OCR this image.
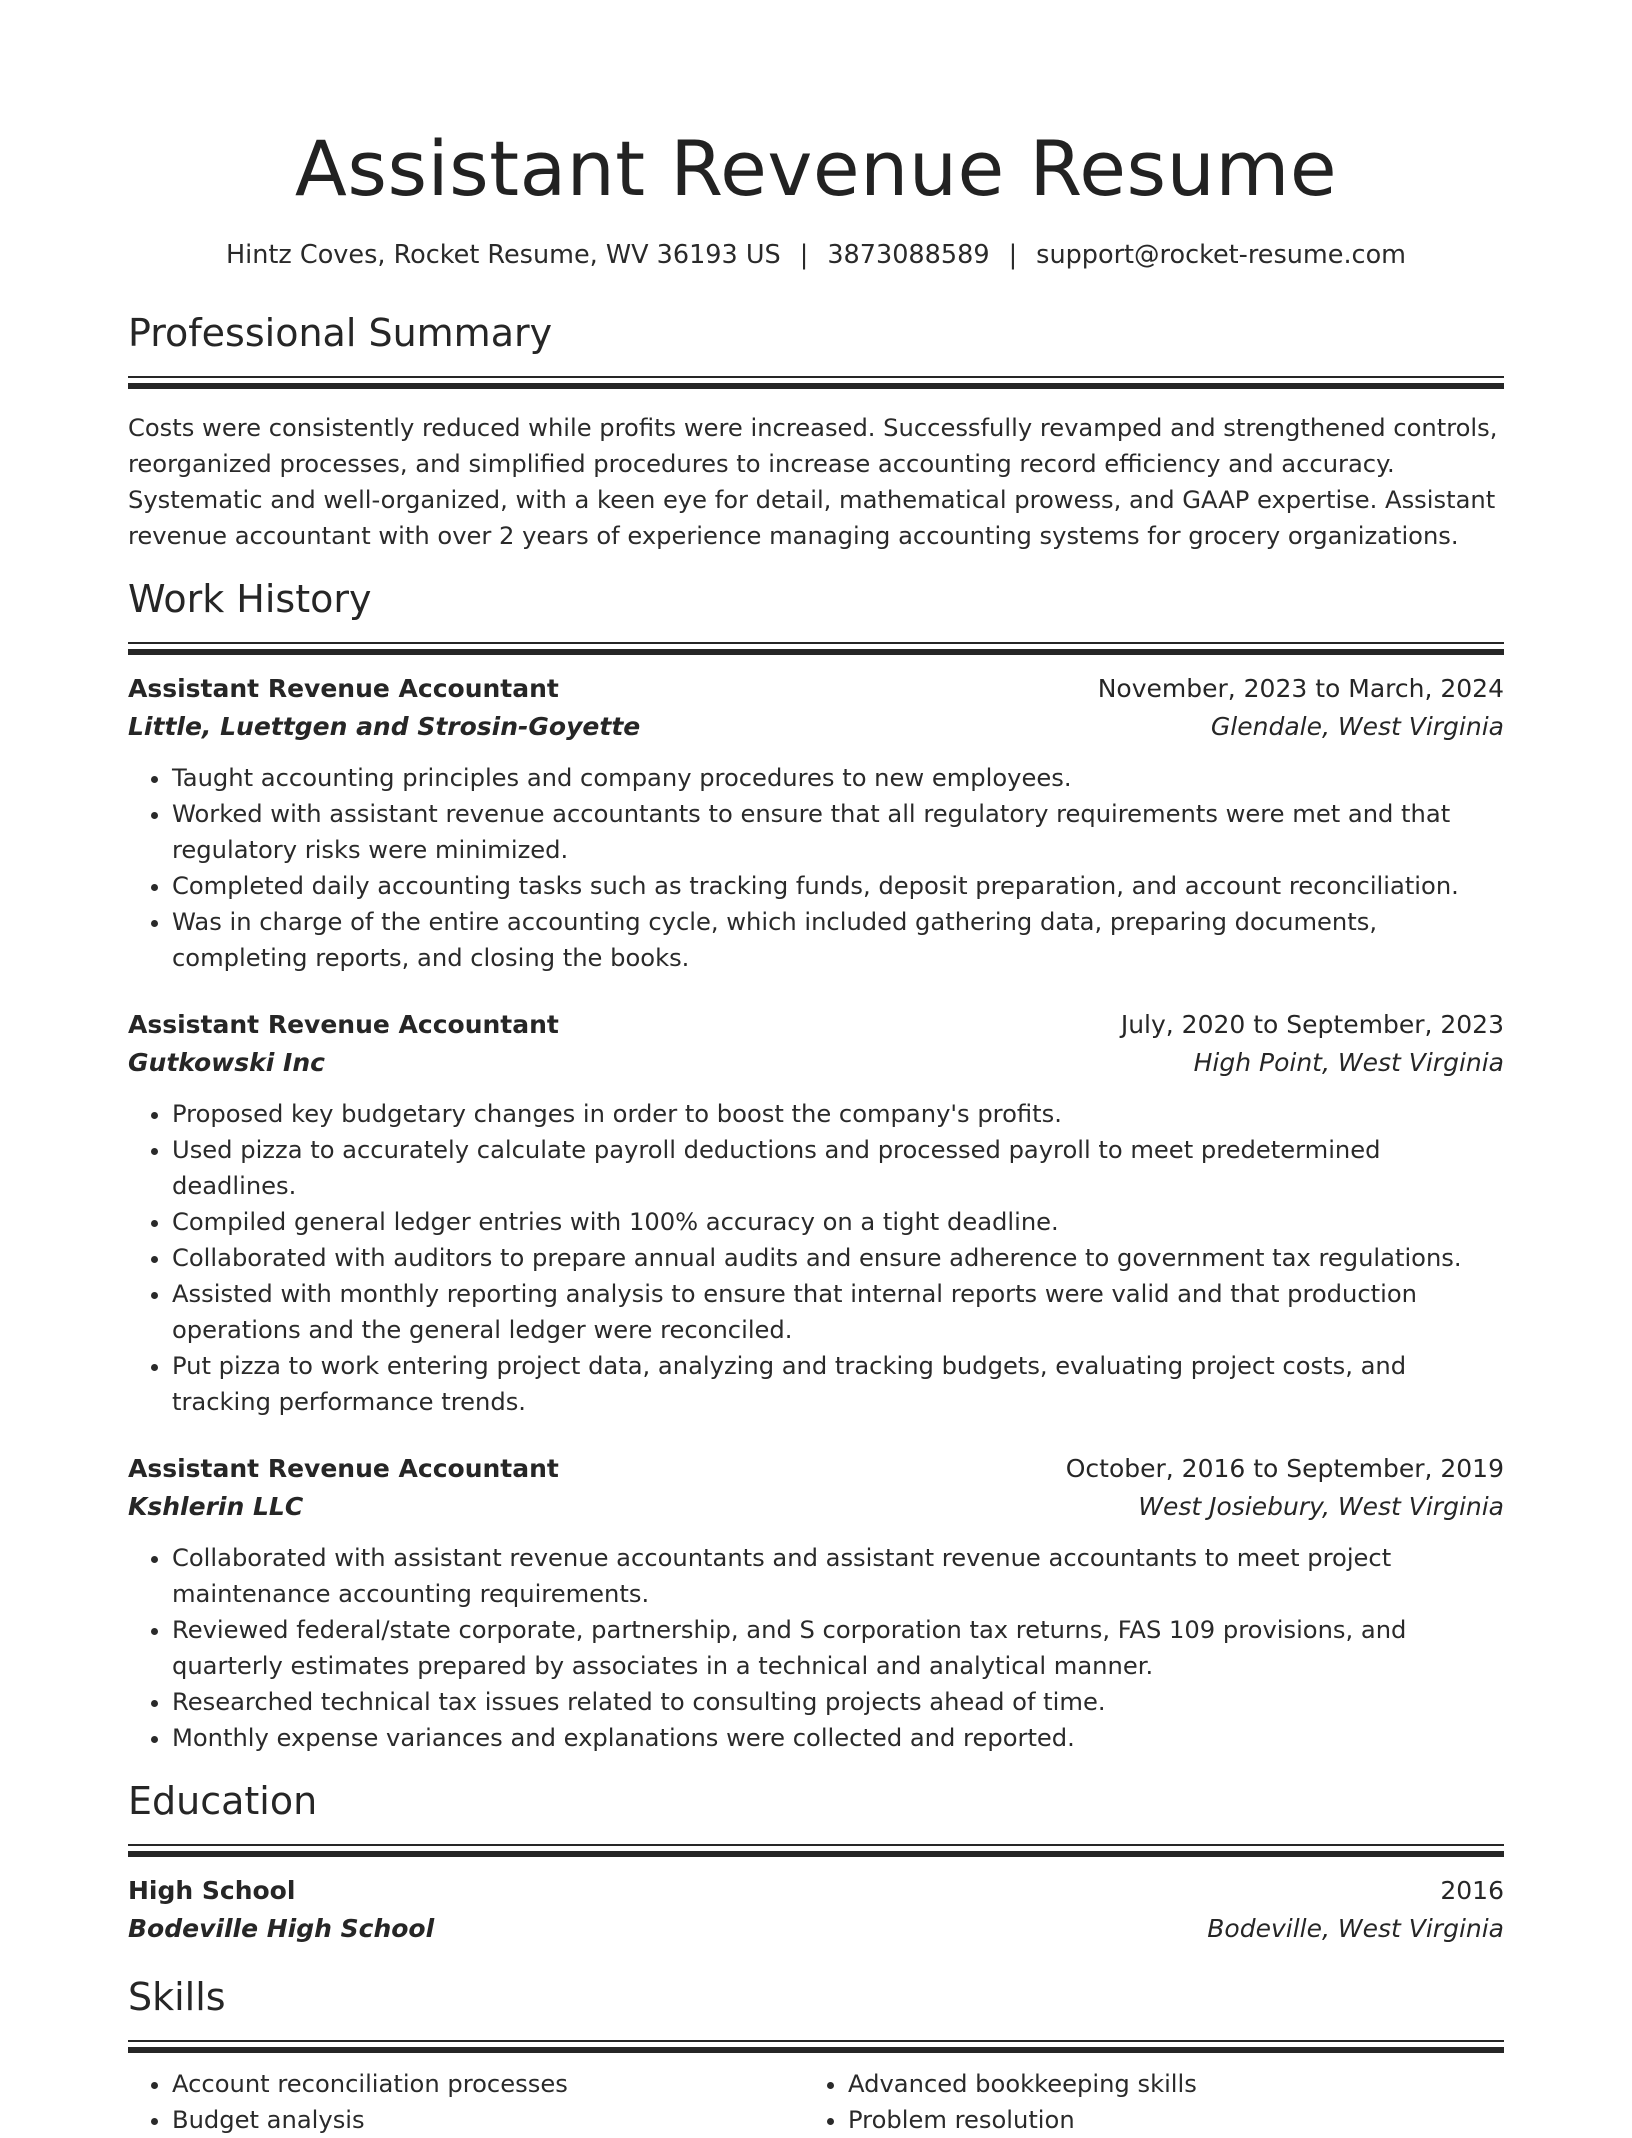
Assistant Revenue Resume
Hintz Coves, Rocket Resume, WV 36193 US | 3873088589 | support@rocket-resume.com
Professional Summary
Costs were consistently reduced while profits were increased. Successfully revamped and strengthened controls, reorganized processes, and simplified procedures to increase accounting record efficiency and accuracy. Systematic and well-organized, with a keen eye for detail, mathematical prowess, and GAAP expertise. Assistant revenue accountant with over 2 years of experience managing accounting systems for grocery organizations.
Work History
Assistant Revenue Accountant	November, 2023 to March, 2024
Little, Luettgen and Strosin-Goyette	Glendale, West Virginia
• Taught accounting principles and company procedures to new employees.
• Worked with assistant revenue accountants to ensure that all regulatory requirements were met and that regulatory risks were minimized.
• Completed daily accounting tasks such as tracking funds, deposit preparation, and account reconciliation.
• Was in charge of the entire accounting cycle, which included gathering data, preparing documents, completing reports, and closing the books.
Assistant Revenue Accountant	July, 2020 to September, 2023
Gutkowski Inc	High Point, West Virginia
• Proposed key budgetary changes in order to boost the company's profits.
• Used pizza to accurately calculate payroll deductions and processed payroll to meet predetermined deadlines.
• Compiled general ledger entries with 100% accuracy on a tight deadline.
• Collaborated with auditors to prepare annual audits and ensure adherence to government tax regulations.
• Assisted with monthly reporting analysis to ensure that internal reports were valid and that production operations and the general ledger were reconciled.
• Put pizza to work entering project data, analyzing and tracking budgets, evaluating project costs, and tracking performance trends.
Assistant Revenue Accountant	October, 2016 to September, 2019
Kshlerin LLC	West Josiebury, West Virginia
• Collaborated with assistant revenue accountants and assistant revenue accountants to meet project maintenance accounting requirements.
• Reviewed federal/state corporate, partnership, and S corporation tax returns, FAS 109 provisions, and quarterly estimates prepared by associates in a technical and analytical manner.
• Researched technical tax issues related to consulting projects ahead of time.
• Monthly expense variances and explanations were collected and reported.
Education
High School	2016
Bodeville High School	Bodeville, West Virginia
Skills
• Account reconciliation processes
• Budget analysis
• Advanced bookkeeping skills
• Problem resolution
